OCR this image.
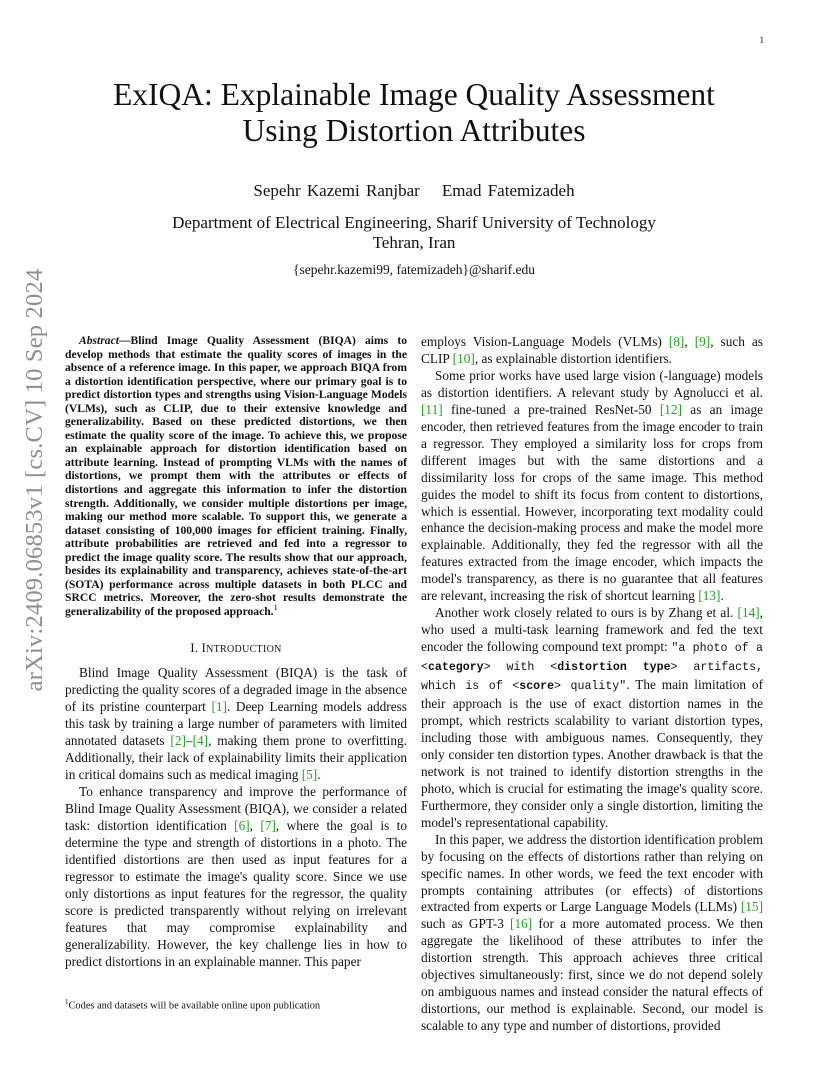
1
arXiv:2409.06853v1 [cs.CV] 10 Sep 2024
ExIQA: Explainable Image Quality Assessment Using Distortion Attributes
Sepehr Kazemi Ranjbar Emad Fatemizadeh
Department of Electrical Engineering, Sharif University of Technology
Tehran, Iran
{sepehr.kazemi99, fatemizadeh}@sharif.edu

Abstract—Blind Image Quality Assessment (BIQA) aims to develop methods that estimate the quality scores of images in the absence of a reference image. In this paper, we approach BIQA from a distortion identification perspective, where our primary goal is to predict distortion types and strengths using Vision-Language Models (VLMs), such as CLIP, due to their extensive knowledge and generalizability. Based on these predicted distortions, we then estimate the quality score of the image. To achieve this, we propose an explainable approach for distortion identification based on attribute learning. Instead of prompting VLMs with the names of distortions, we prompt them with the attributes or effects of distortions and aggregate this information to infer the distortion strength. Additionally, we consider multiple distortions per image, making our method more scalable. To support this, we generate a dataset consisting of 100,000 images for efficient training. Finally, attribute probabilities are retrieved and fed into a regressor to predict the image quality score. The results show that our approach, besides its explainability and transparency, achieves state-of-the-art (SOTA) performance across multiple datasets in both PLCC and SRCC metrics. Moreover, the zero-shot results demonstrate the generalizability of the proposed approach.$^1$

I. INTRODUCTION

Blind Image Quality Assessment (BIQA) is the task of predicting the quality scores of a degraded image in the absence of its pristine counterpart [1]. Deep Learning models address this task by training a large number of parameters with limited annotated datasets [2]–[4], making them prone to overfitting. Additionally, their lack of explainability limits their application in critical domains such as medical imaging [5].

To enhance transparency and improve the performance of Blind Image Quality Assessment (BIQA), we consider a related task: distortion identification [6], [7], where the goal is to determine the type and strength of distortions in a photo. The identified distortions are then used as input features for a regressor to estimate the image's quality score. Since we use only distortions as input features for the regressor, the quality score is predicted transparently without relying on irrelevant features that may compromise explainability and generalizability. However, the key challenge lies in how to predict distortions in an explainable manner. This paper

employs Vision-Language Models (VLMs) [8], [9], such as CLIP [10], as explainable distortion identifiers.

Some prior works have used large vision (-language) models as distortion identifiers. A relevant study by Agnolucci et al. [11] fine-tuned a pre-trained ResNet-50 [12] as an image encoder, then retrieved features from the image encoder to train a regressor. They employed a similarity loss for crops from different images but with the same distortions and a dissimilarity loss for crops of the same image. This method guides the model to shift its focus from content to distortions, which is essential. However, incorporating text modality could enhance the decision-making process and make the model more explainable. Additionally, they fed the regressor with all the features extracted from the image encoder, which impacts the model's transparency, as there is no guarantee that all features are relevant, increasing the risk of shortcut learning [13].

Another work closely related to ours is by Zhang et al. [14], who used a multi-task learning framework and fed the text encoder the following compound text prompt: "a photo of a <category> with <distortion type> artifacts, which is of <score> quality". The main limitation of their approach is the use of exact distortion names in the prompt, which restricts scalability to variant distortion types, including those with ambiguous names. Consequently, they only consider ten distortion types. Another drawback is that the network is not trained to identify distortion strengths in the photo, which is crucial for estimating the image's quality score. Furthermore, they consider only a single distortion, limiting the model's representational capability.

In this paper, we address the distortion identification problem by focusing on the effects of distortions rather than relying on specific names. In other words, we feed the text encoder with prompts containing attributes (or effects) of distortions extracted from experts or Large Language Models (LLMs) [15] such as GPT-3 [16] for a more automated process. We then aggregate the likelihood of these attributes to infer the distortion strength. This approach achieves three critical objectives simultaneously: first, since we do not depend solely on ambiguous names and instead consider the natural effects of distortions, our method is explainable. Second, our model is scalable to any type and number of distortions, provided

$^1$Codes and datasets will be available online upon publication
